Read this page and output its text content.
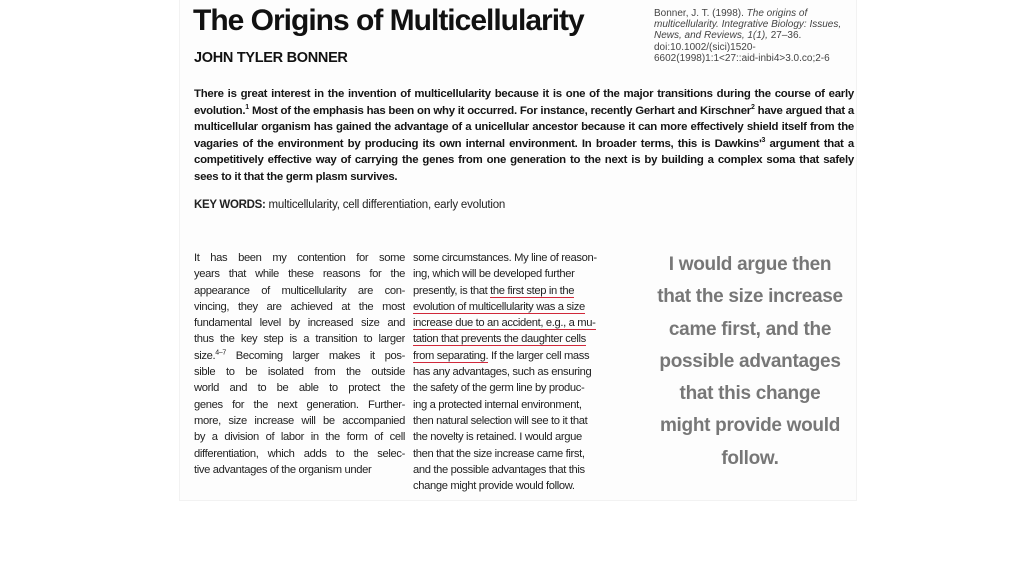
The Origins of Multicellularity
JOHN TYLER BONNER
Bonner, J. T. (1998). The origins of multicellularity. Integrative Biology: Issues, News, and Reviews, 1(1), 27–36. doi:10.1002/(sici)1520-6602(1998)1:1<27::aid-inbi4>3.0.co;2-6
There is great interest in the invention of multicellularity because it is one of the major transitions during the course of early evolution.$^1$ Most of the emphasis has been on why it occurred. For instance, recently Gerhart and Kirschner$^2$ have argued that a multicellular organism has gained the advantage of a unicellular ancestor because it can more effectively shield itself from the vagaries of the environment by producing its own internal environment. In broader terms, this is $Dawkins'^3$ argument that a competitively effective way of carrying the genes from one generation to the next is by building a complex soma that safely sees to it that the germ plasm survives.
KEY WORDS: multicellularity, cell differentiation, early evolution
It has been my contention for some
years that while these reasons for the
appearance of multicellularity are con-
vincing, they are achieved at the most
fundamental level by increased size and
thus the key step is a transition to larger
size.$^{4-7}$ Becoming larger makes it pos-
sible to be isolated from the outside
world and to be able to protect the
genes for the next generation. Further-
more, size increase will be accompanied
by a division of labor in the form of cell
differentiation, which adds to the selec-
tive advantages of the organism under
some circumstances. My line of reason-
ing, which will be developed further
presently, is that the first step in the
evolution of multicellularity was a size
increase due to an accident, e.g., a mu-
tation that prevents the daughter cells
from separating. If the larger cell mass
has any advantages, such as ensuring
the safety of the germ line by produc-
ing a protected internal environment,
then natural selection will see to it that
the novelty is retained. I would argue
then that the size increase came first,
and the possible advantages that this
change might provide would follow.
I would argue then
that the size increase
came first, and the
possible advantages
that this change
might provide would
follow.
